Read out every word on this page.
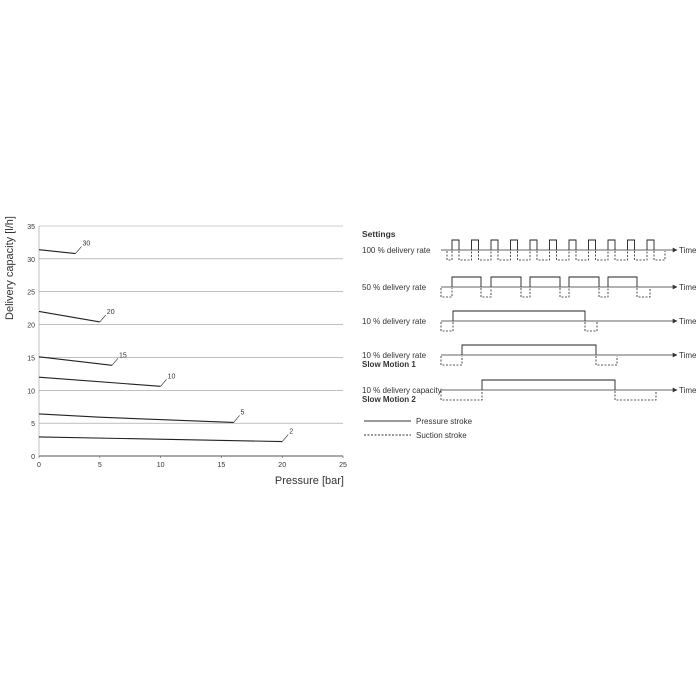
0	5	10	15	20	25
0
5
10
15
20
25
30
35
30
20
15
10
5
2
Pressure [bar]
Delivery capacity [l/h]	Settings
100 % delivery rate	Time
50 % delivery rate	Time
10 % delivery rate	Time
10 % delivery rate
Slow Motion 1
Time
10 % delivery capacity
Slow Motion 2
Time
Pressure stroke
Suction stroke
